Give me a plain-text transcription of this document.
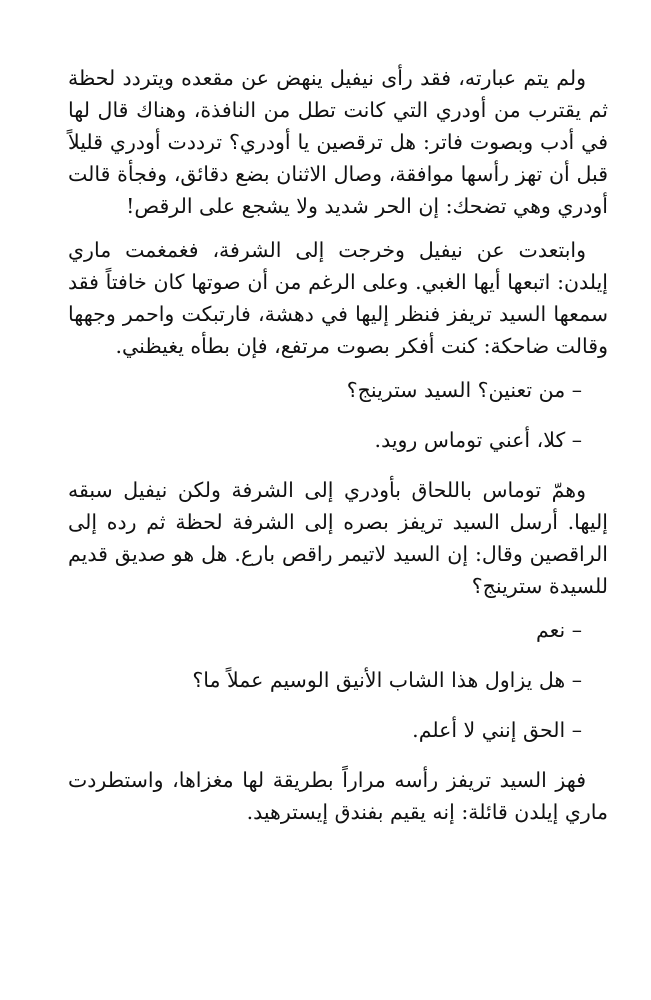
ولم يتم عبارته، فقد رأى نيفيل ينهض عن مقعده ويتردد لحظة ثم يقترب من أودري التي كانت تطل من النافذة، وهناك قال لها في أدب وبصوت فاتر: هل ترقصين يا أودري؟ ترددت أودري قليلاً قبل أن تهز رأسها موافقة، وصال الاثنان بضع دقائق، وفجأة قالت أودري وهي تضحك: إن الحر شديد ولا يشجع على الرقص!

وابتعدت عن نيفيل وخرجت إلى الشرفة، فغمغمت ماري إيلدن: اتبعها أيها الغبي. وعلى الرغم من أن صوتها كان خافتاً فقد سمعها السيد تريفز فنظر إليها في دهشة، فارتبكت واحمر وجهها وقالت ضاحكة: كنت أفكر بصوت مرتفع، فإن بطأه يغيظني.

– من تعنين؟ السيد سترينج؟

– كلا، أعني توماس رويد.

وهمّ توماس باللحاق بأودري إلى الشرفة ولكن نيفيل سبقه إليها. أرسل السيد تريفز بصره إلى الشرفة لحظة ثم رده إلى الراقصين وقال: إن السيد لاتيمر راقص بارع. هل هو صديق قديم للسيدة سترينج؟

– نعم

– هل يزاول هذا الشاب الأنيق الوسيم عملاً ما؟

– الحق إنني لا أعلم.

فهز السيد تريفز رأسه مراراً بطريقة لها مغزاها، واستطردت ماري إيلدن قائلة: إنه يقيم بفندق إيسترهيد.
